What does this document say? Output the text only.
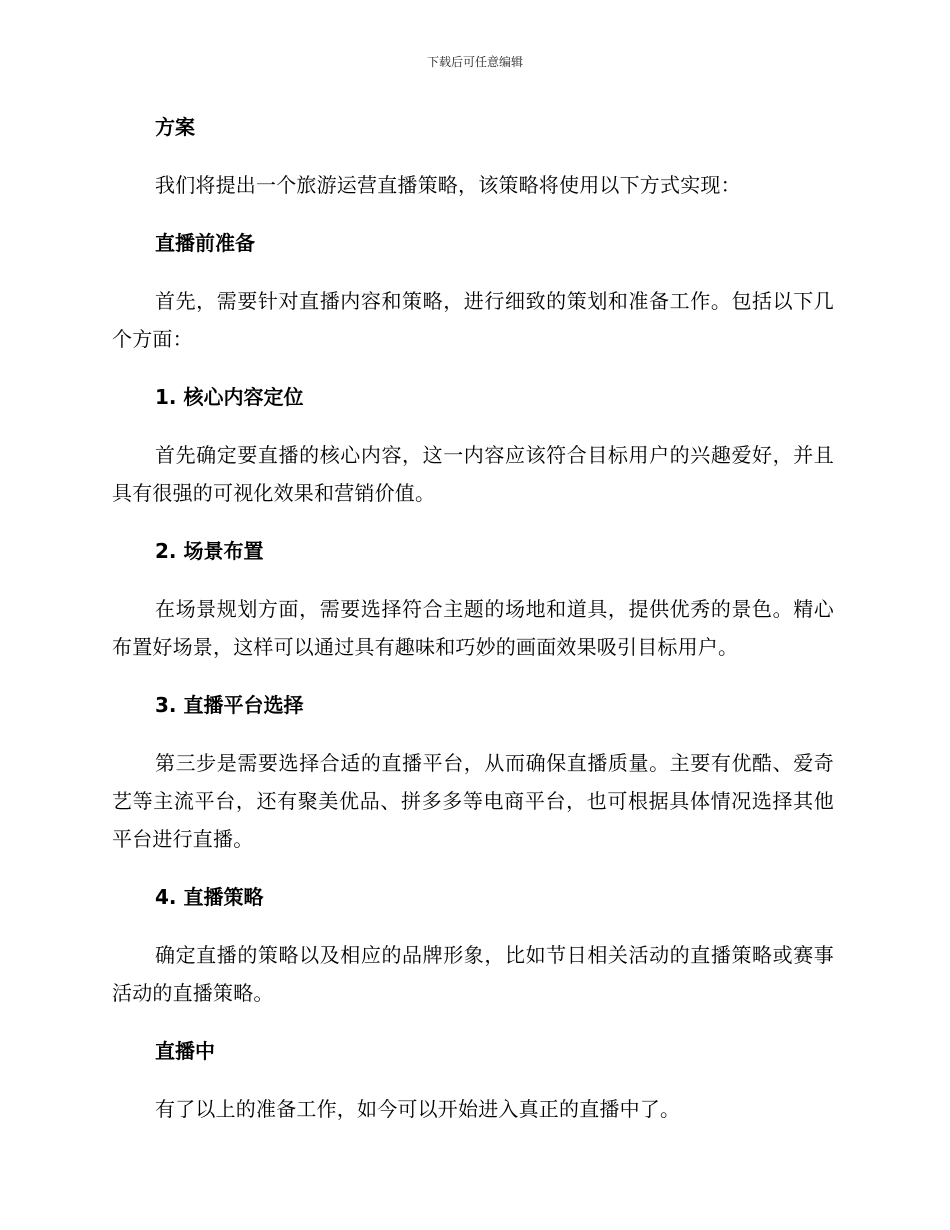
下载后可任意编辑
方案

我们将提出一个旅游运营直播策略，该策略将使用以下方式实现：

直播前准备

首先，需要针对直播内容和策略，进行细致的策划和准备工作。包括以下几个方面：

1. 核心内容定位

首先确定要直播的核心内容，这一内容应该符合目标用户的兴趣爱好，并且具有很强的可视化效果和营销价值。

2. 场景布置

在场景规划方面，需要选择符合主题的场地和道具，提供优秀的景色。精心布置好场景，这样可以通过具有趣味和巧妙的画面效果吸引目标用户。

3. 直播平台选择

第三步是需要选择合适的直播平台，从而确保直播质量。主要有优酷、爱奇艺等主流平台，还有聚美优品、拼多多等电商平台，也可根据具体情况选择其他平台进行直播。

4. 直播策略

确定直播的策略以及相应的品牌形象，比如节日相关活动的直播策略或赛事活动的直播策略。

直播中

有了以上的准备工作，如今可以开始进入真正的直播中了。
